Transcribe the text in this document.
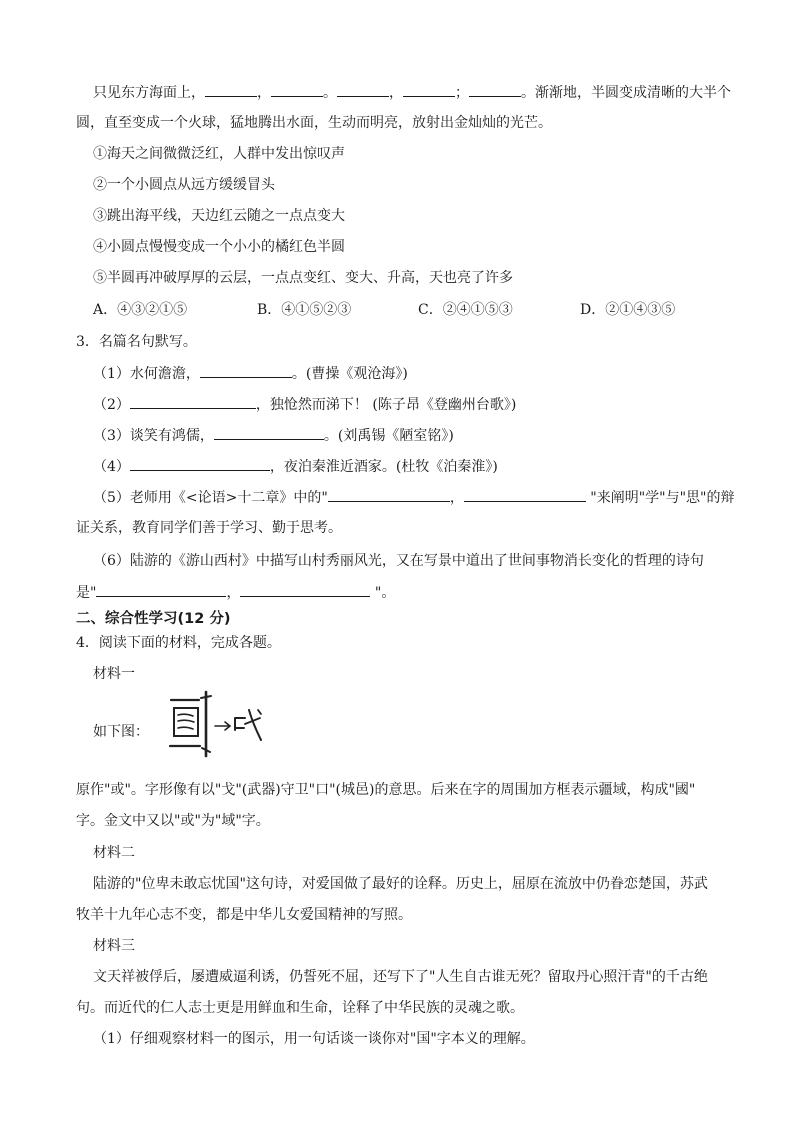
只见东方海面上，	，	。	，	；	。渐渐地，半圆变成清晰的大半个
圆，直至变成一个火球，猛地腾出水面，生动而明亮，放射出金灿灿的光芒。
①海天之间微微泛红，人群中发出惊叹声
②一个小圆点从远方缓缓冒头
③跳出海平线，天边红云随之一点点变大
④小圆点慢慢变成一个小小的橘红色半圆
⑤半圆再冲破厚厚的云层，一点点变红、变大、升高，天也亮了许多
A．④③②①⑤	B．④①⑤②③	C．②④①⑤③	D．②①④③⑤
3．名篇名句默写。
（1）水何澹澹，	。(曹操《观沧海》)
（2）	，独怆然而涕下！ (陈子昂《登幽州台歌》)
（3）谈笑有鸿儒，	。(刘禹锡《陋室铭》)
（4）	，夜泊秦淮近酒家。(杜牧《泊秦淮》)
（5）老师用《<论语>十二章》中的"	，	"来阐明"学"与"思"的辩
证关系，教育同学们善于学习、勤于思考。
（6）陆游的《游山西村》中描写山村秀丽风光，又在写景中道出了世间事物消长变化的哲理的诗句
是"	，	"。
二、综合性学习(12 分)
4．阅读下面的材料，完成各题。
材料一
如下图：
原作"或"。字形像有以"戈"(武器)守卫"口"(城邑)的意思。后来在字的周围加方框表示疆域，构成"國"
字。金文中又以"或"为"域"字。
材料二
陆游的"位卑未敢忘忧国"这句诗，对爱国做了最好的诠释。历史上，屈原在流放中仍眷恋楚国，苏武
牧羊十九年心志不变，都是中华儿女爱国精神的写照。
材料三
文天祥被俘后，屡遭威逼利诱，仍誓死不屈，还写下了"人生自古谁无死？留取丹心照汗青"的千古绝
句。而近代的仁人志士更是用鲜血和生命，诠释了中华民族的灵魂之歌。
（1）仔细观察材料一的图示，用一句话谈一谈你对"国"字本义的理解。
